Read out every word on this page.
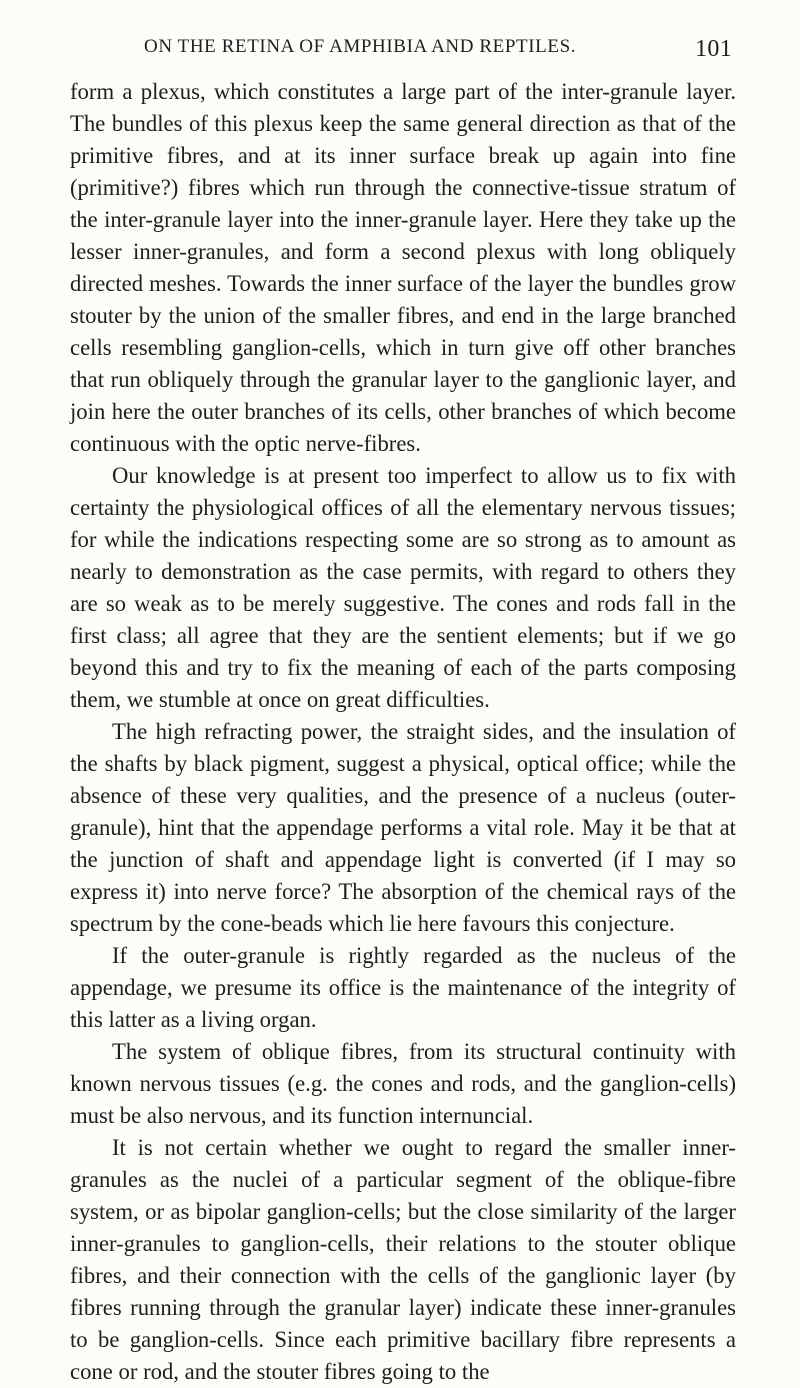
ON THE RETINA OF AMPHIBIA AND REPTILES.	101

form a plexus, which constitutes a large part of the inter-granule layer. The bundles of this plexus keep the same general direction as that of the primitive fibres, and at its inner surface break up again into fine (primitive?) fibres which run through the connective-tissue stratum of the inter-granule layer into the inner-granule layer. Here they take up the lesser inner-granules, and form a second plexus with long obliquely directed meshes. Towards the inner surface of the layer the bundles grow stouter by the union of the smaller fibres, and end in the large branched cells resembling ganglion-cells, which in turn give off other branches that run obliquely through the granular layer to the ganglionic layer, and join here the outer branches of its cells, other branches of which become continuous with the optic nerve-fibres.

Our knowledge is at present too imperfect to allow us to fix with certainty the physiological offices of all the elementary nervous tissues; for while the indications respecting some are so strong as to amount as nearly to demonstration as the case permits, with regard to others they are so weak as to be merely suggestive. The cones and rods fall in the first class; all agree that they are the sentient elements; but if we go beyond this and try to fix the meaning of each of the parts composing them, we stumble at once on great difficulties.

The high refracting power, the straight sides, and the insulation of the shafts by black pigment, suggest a physical, optical office; while the absence of these very qualities, and the presence of a nucleus (outer-granule), hint that the appendage performs a vital role. May it be that at the junction of shaft and appendage light is converted (if I may so express it) into nerve force? The absorption of the chemical rays of the spectrum by the cone-beads which lie here favours this conjecture.

If the outer-granule is rightly regarded as the nucleus of the appendage, we presume its office is the maintenance of the integrity of this latter as a living organ.

The system of oblique fibres, from its structural continuity with known nervous tissues (e.g. the cones and rods, and the ganglion-cells) must be also nervous, and its function internuncial.

It is not certain whether we ought to regard the smaller inner-granules as the nuclei of a particular segment of the oblique-fibre system, or as bipolar ganglion-cells; but the close similarity of the larger inner-granules to ganglion-cells, their relations to the stouter oblique fibres, and their connection with the cells of the ganglionic layer (by fibres running through the granular layer) indicate these inner-granules to be ganglion-cells. Since each primitive bacillary fibre represents a cone or rod, and the stouter fibres going to the
